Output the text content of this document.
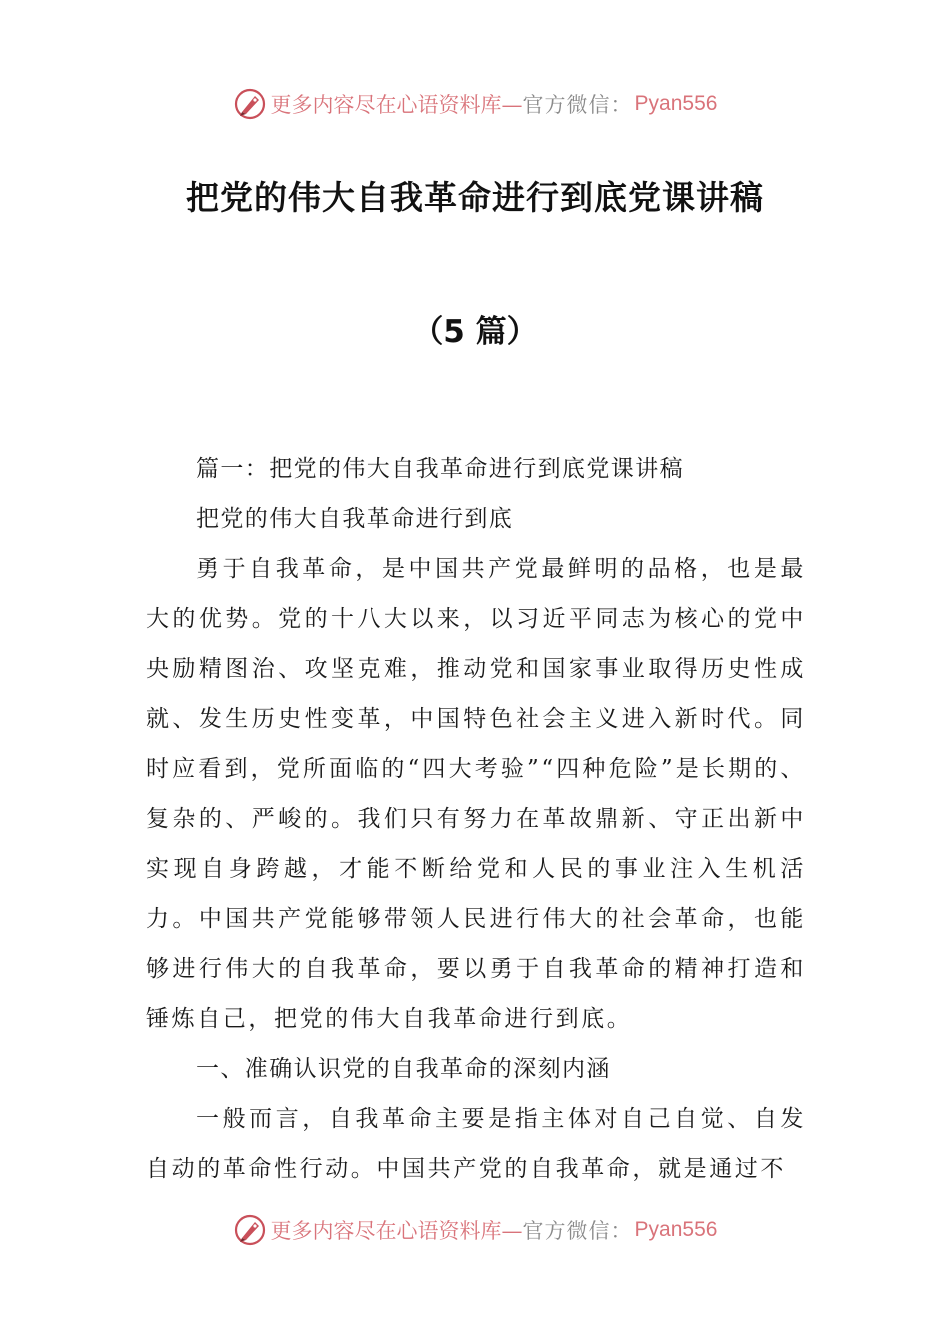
更多内容尽在心语资料库— 官方微信： Pyan556
把党的伟大自我革命进行到底党课讲稿
（5 篇）

篇一：把党的伟大自我革命进行到底党课讲稿

把党的伟大自我革命进行到底

勇于自我革命，是中国共产党最鲜明的品格，也是最大的优势。党的十八大以来，以习近平同志为核心的党中央励精图治、攻坚克难，推动党和国家事业取得历史性成就、发生历史性变革，中国特色社会主义进入新时代。同时应看到，党所面临的“四大考验”“四种危险”是长期的、复杂的、严峻的。我们只有努力在革故鼎新、守正出新中实现自身跨越，才能不断给党和人民的事业注入生机活力。中国共产党能够带领人民进行伟大的社会革命，也能够进行伟大的自我革命，要以勇于自我革命的精神打造和锤炼自己，把党的伟大自我革命进行到底。

一、准确认识党的自我革命的深刻内涵

一般而言，自我革命主要是指主体对自己自觉、自发自动的革命性行动。中国共产党的自我革命，就是通过不

更多内容尽在心语资料库— 官方微信： Pyan556
